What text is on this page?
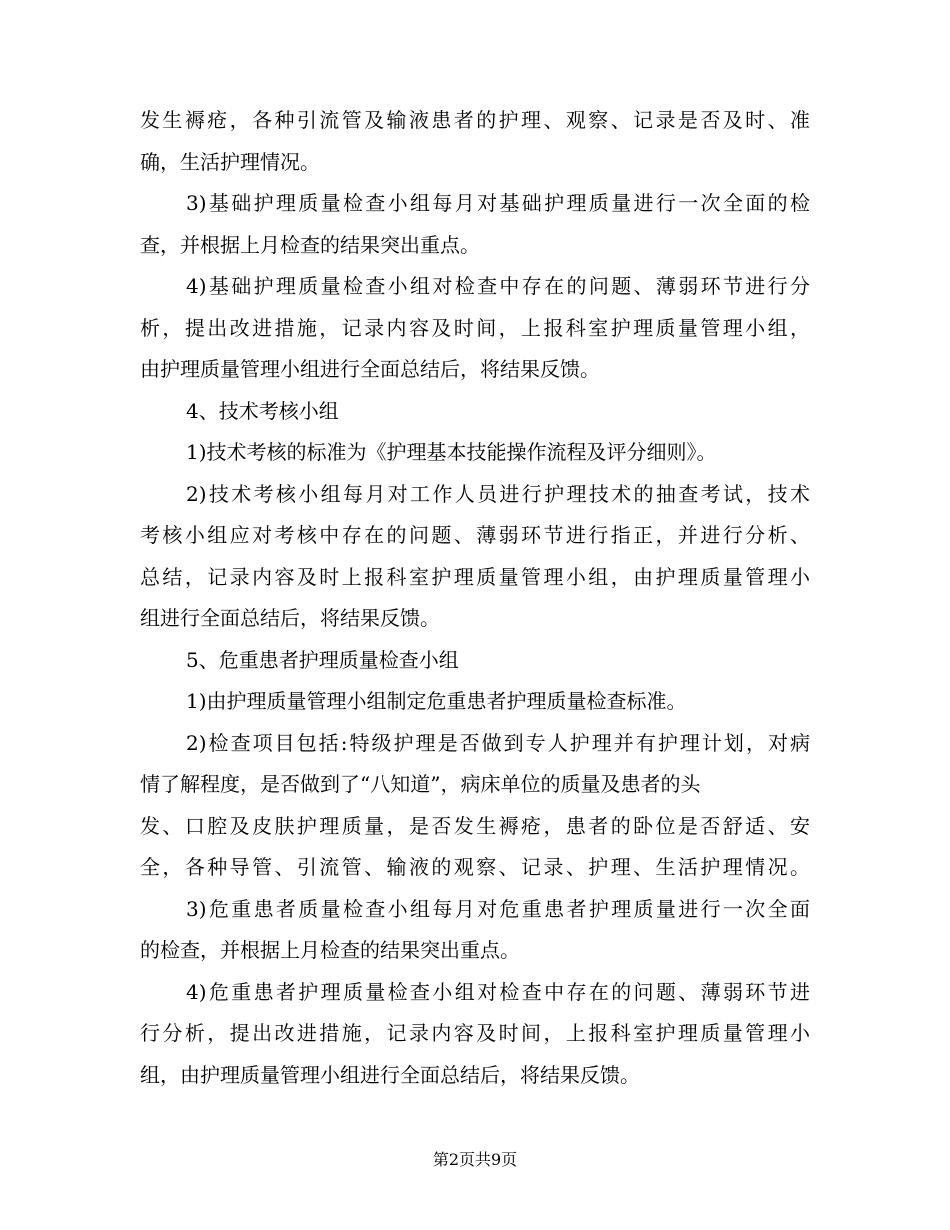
发生褥疮，各种引流管及输液患者的护理、观察、记录是否及时、准
确，生活护理情况。
3)基础护理质量检查小组每月对基础护理质量进行一次全面的检
查，并根据上月检查的结果突出重点。
4)基础护理质量检查小组对检查中存在的问题、薄弱环节进行分
析，提出改进措施，记录内容及时间，上报科室护理质量管理小组，
由护理质量管理小组进行全面总结后，将结果反馈。
4、技术考核小组
1)技术考核的标准为《护理基本技能操作流程及评分细则》。
2)技术考核小组每月对工作人员进行护理技术的抽查考试，技术
考核小组应对考核中存在的问题、薄弱环节进行指正，并进行分析、
总结，记录内容及时上报科室护理质量管理小组，由护理质量管理小
组进行全面总结后，将结果反馈。
5、危重患者护理质量检查小组
1)由护理质量管理小组制定危重患者护理质量检查标准。
2)检查项目包括:特级护理是否做到专人护理并有护理计划，对病
情了解程度，是否做到了“八知道”，病床单位的质量及患者的头
发、口腔及皮肤护理质量，是否发生褥疮，患者的卧位是否舒适、安
全，各种导管、引流管、输液的观察、记录、护理、生活护理情况。
3)危重患者质量检查小组每月对危重患者护理质量进行一次全面
的检查，并根据上月检查的结果突出重点。
4)危重患者护理质量检查小组对检查中存在的问题、薄弱环节进
行分析，提出改进措施，记录内容及时间，上报科室护理质量管理小
组，由护理质量管理小组进行全面总结后，将结果反馈。
第2页共9页
